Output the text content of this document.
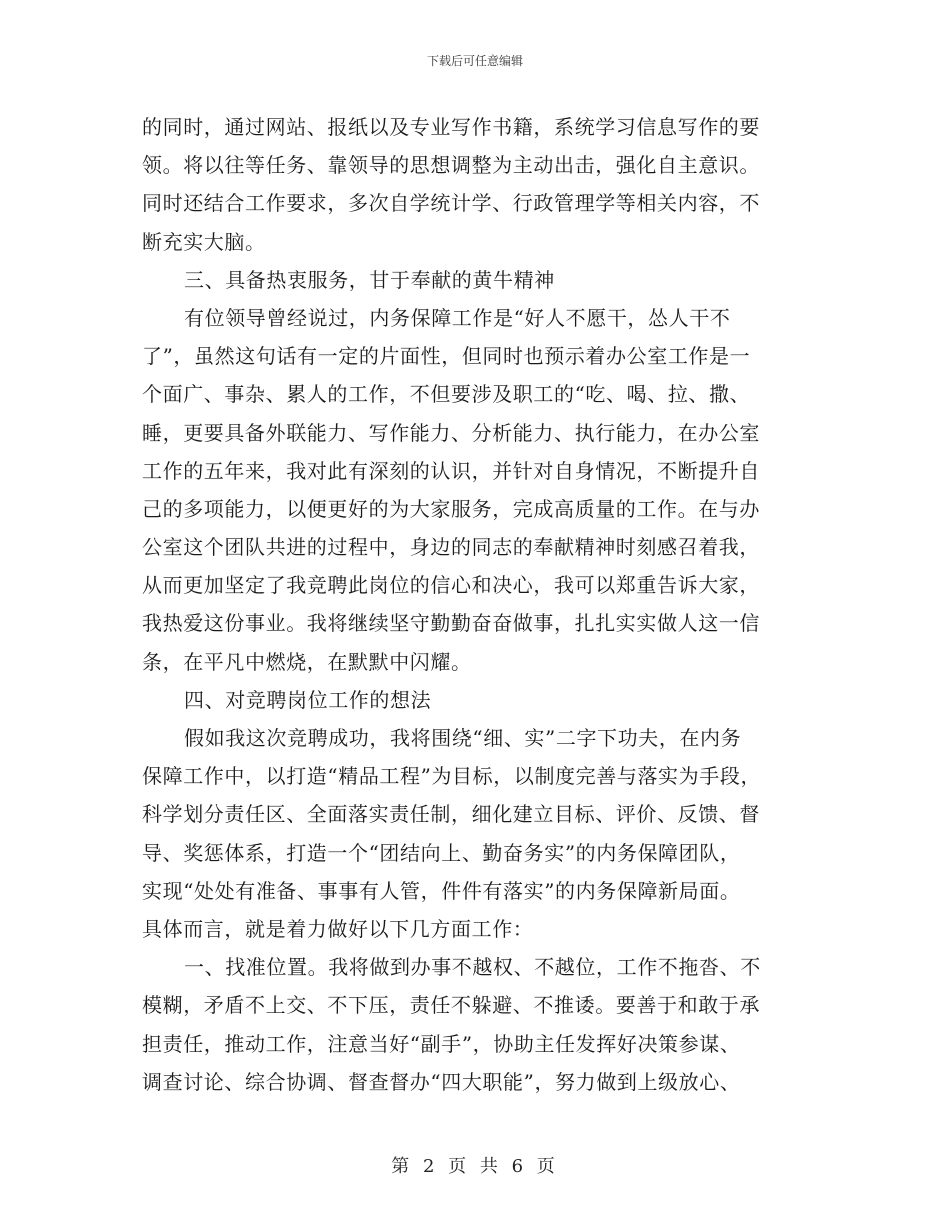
下载后可任意编辑
的同时，通过网站、报纸以及专业写作书籍，系统学习信息写作的要
领。将以往等任务、靠领导的思想调整为主动出击，强化自主意识。
同时还结合工作要求，多次自学统计学、行政管理学等相关内容，不
断充实大脑。
三、具备热衷服务，甘于奉献的黄牛精神
有位领导曾经说过，内务保障工作是“好人不愿干，怂人干不
了”，虽然这句话有一定的片面性，但同时也预示着办公室工作是一
个面广、事杂、累人的工作，不但要涉及职工的“吃、喝、拉、撒、
睡，更要具备外联能力、写作能力、分析能力、执行能力，在办公室
工作的五年来，我对此有深刻的认识，并针对自身情况，不断提升自
己的多项能力，以便更好的为大家服务，完成高质量的工作。在与办
公室这个团队共进的过程中，身边的同志的奉献精神时刻感召着我，
从而更加坚定了我竞聘此岗位的信心和决心，我可以郑重告诉大家，
我热爱这份事业。我将继续坚守勤勤奋奋做事，扎扎实实做人这一信
条，在平凡中燃烧，在默默中闪耀。
四、对竞聘岗位工作的想法
假如我这次竞聘成功，我将围绕“细、实”二字下功夫，在内务
保障工作中，以打造“精品工程”为目标，以制度完善与落实为手段，
科学划分责任区、全面落实责任制，细化建立目标、评价、反馈、督
导、奖惩体系，打造一个“团结向上、勤奋务实”的内务保障团队，
实现“处处有准备、事事有人管，件件有落实”的内务保障新局面。
具体而言，就是着力做好以下几方面工作：
一、找准位置。我将做到办事不越权、不越位，工作不拖沓、不
模糊，矛盾不上交、不下压，责任不躲避、不推诿。要善于和敢于承
担责任，推动工作，注意当好“副手”，协助主任发挥好决策参谋、
调查讨论、综合协调、督查督办“四大职能”，努力做到上级放心、
第 2 页 共 6 页
